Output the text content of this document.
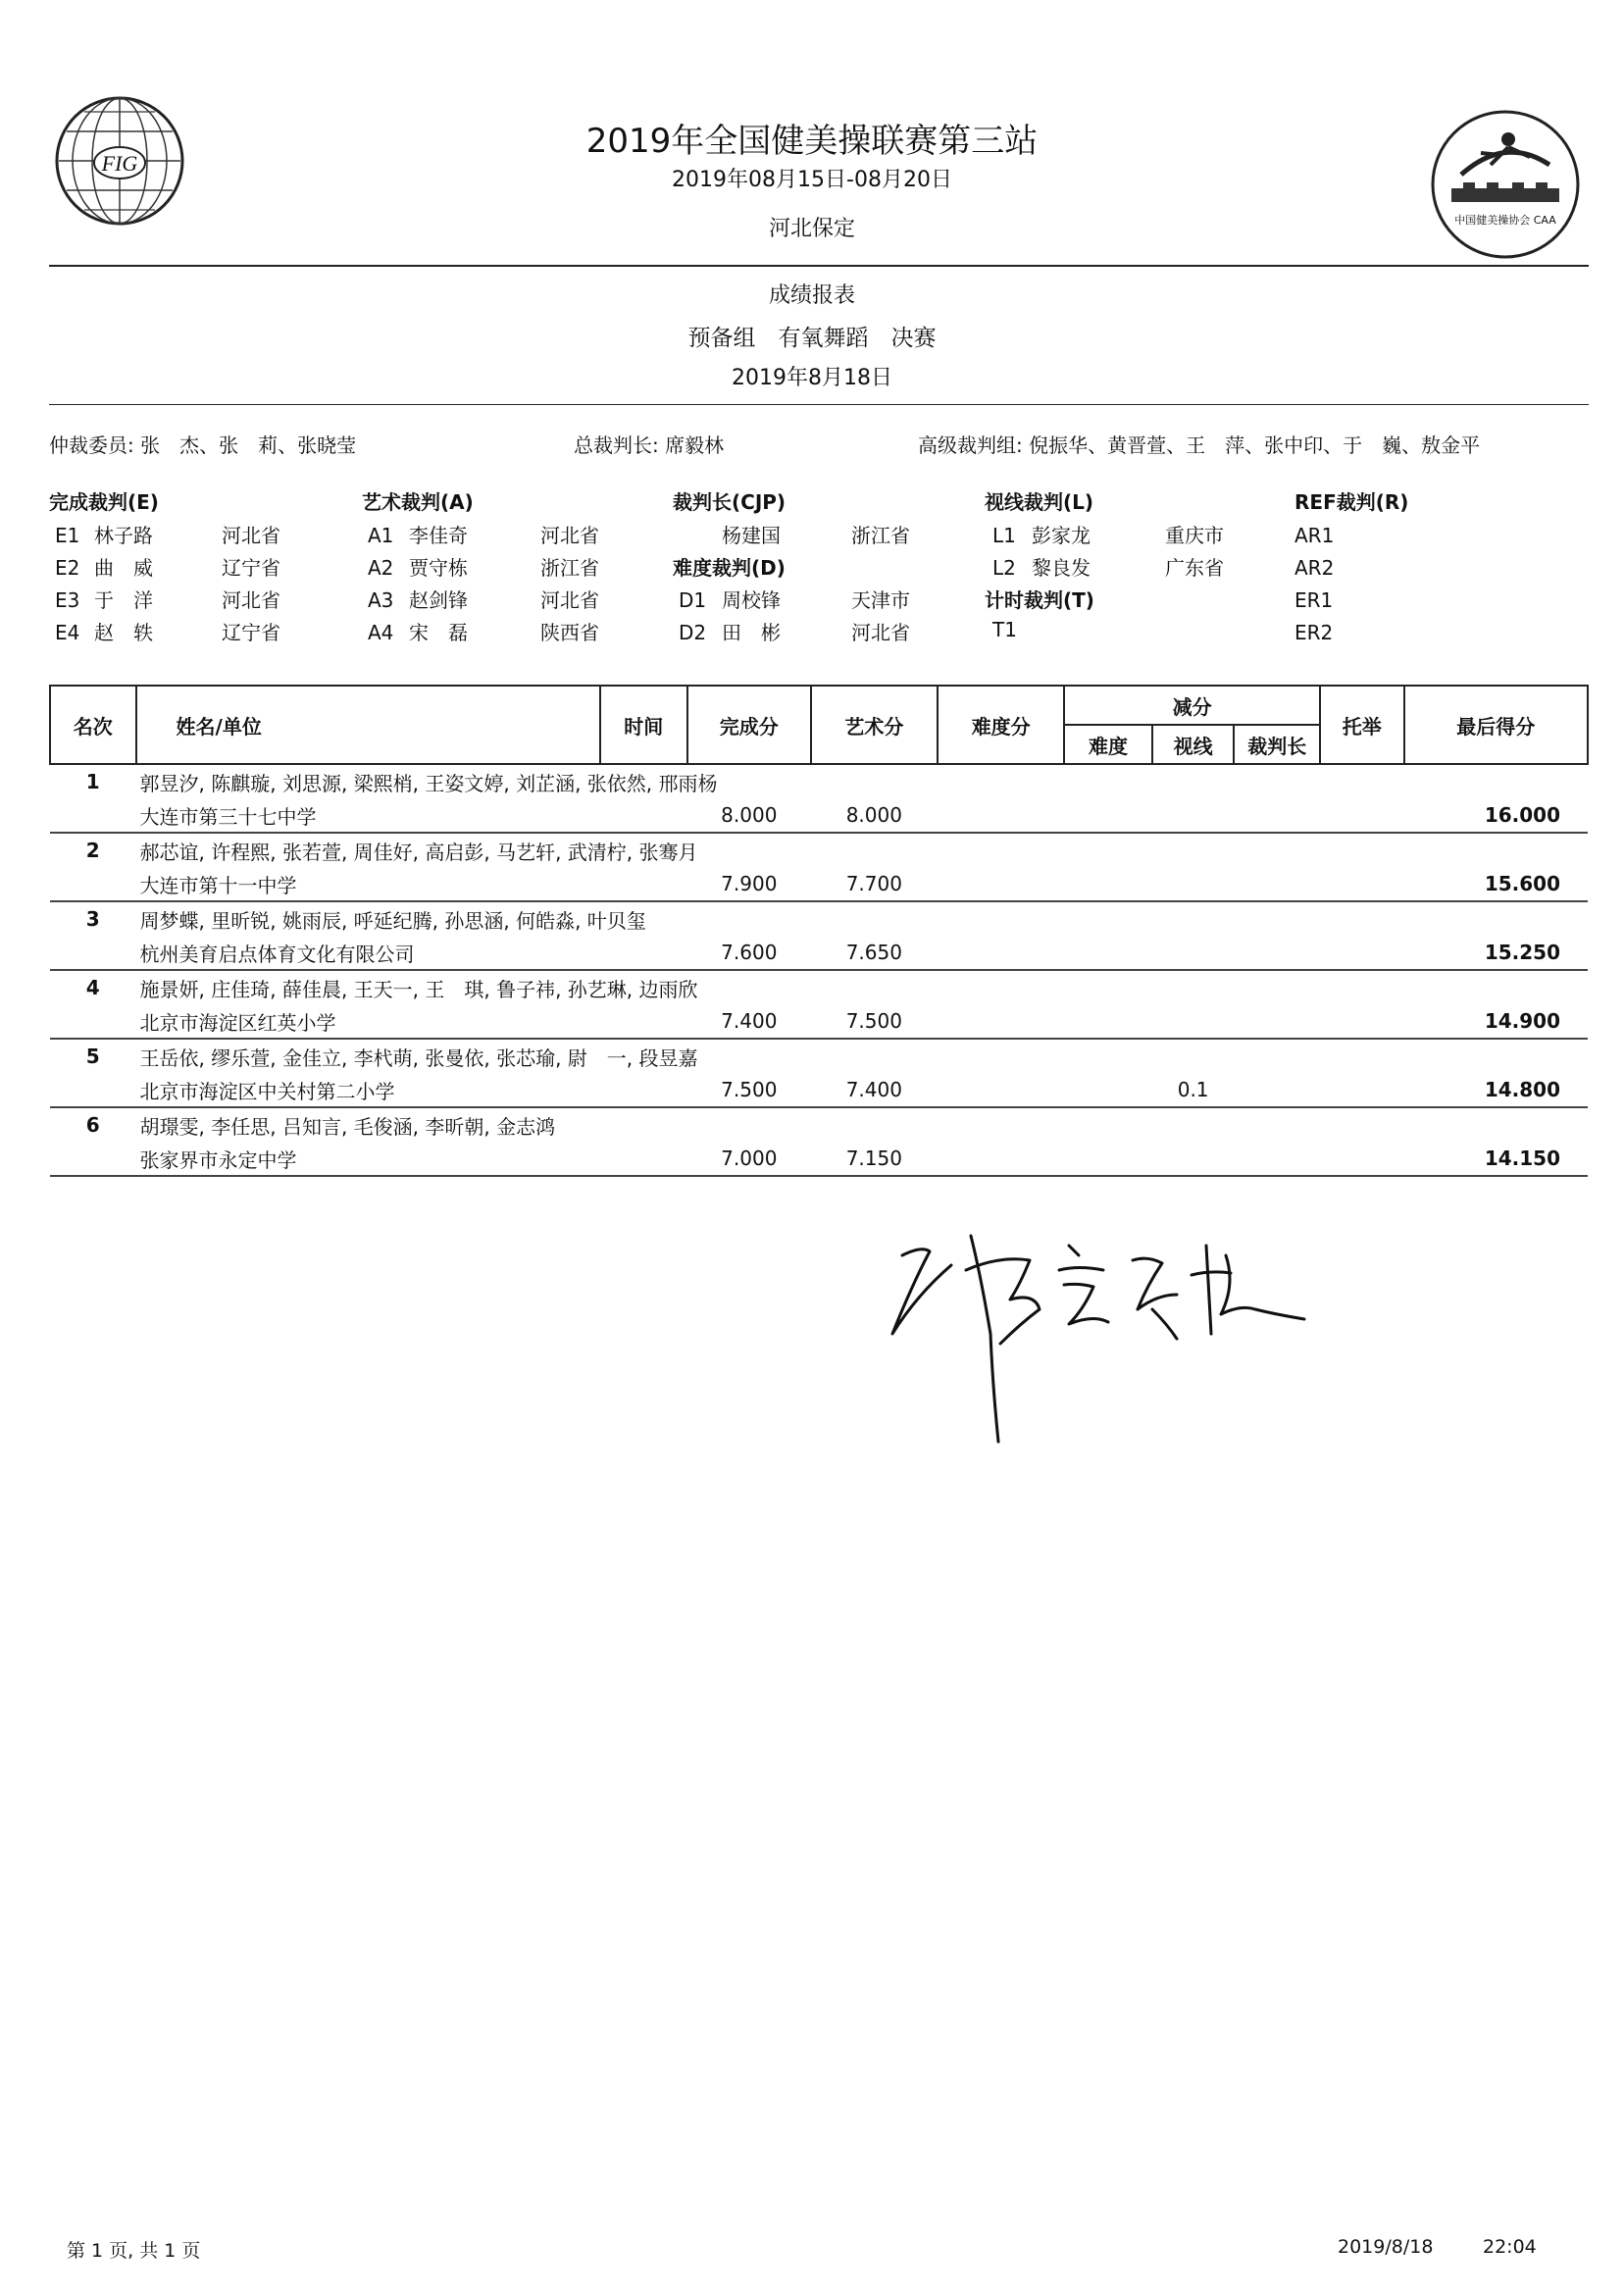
FIG
中国健美操协会 CAA
2019年全国健美操联赛第三站
2019年08月15日-08月20日
河北保定
成绩报表
预备组　有氧舞蹈　决赛
2019年8月18日
仲裁委员: 张　杰、张　莉、张晓莹	总裁判长: 席毅林	高级裁判组: 倪振华、黄晋萱、王　萍、张中印、于　巍、敖金平
完成裁判(E)
E1 林子路	河北省
E2 曲　威	辽宁省
E3 于　洋	河北省
E4 赵　轶	辽宁省
艺术裁判(A)
A1 李佳奇	河北省
A2 贾守栋	浙江省
A3 赵剑锋	河北省
A4 宋　磊	陕西省
裁判长(CJP)
杨建国	浙江省
难度裁判(D)
D1 周校锋	天津市
D2 田　彬	河北省
视线裁判(L)
L1 彭家龙	重庆市
L2 黎良发	广东省
计时裁判(T)
T1
REF裁判(R)
AR1
AR2
ER1
ER2
名次	姓名/单位	时间	完成分	艺术分	难度分	减分			托举	最后得分
						难度	视线	裁判长		
1	郭昱汐, 陈麒璇, 刘思源, 梁熙梢, 王姿文婷, 刘芷涵, 张依然, 邢雨杨									
	大连市第三十七中学		8.000	8.000						16.000
2	郝芯谊, 许程熙, 张若萱, 周佳好, 高启彭, 马艺轩, 武清柠, 张骞月									
	大连市第十一中学		7.900	7.700						15.600
3	周梦蝶, 里昕锐, 姚雨辰, 呼延纪腾, 孙思涵, 何皓淼, 叶贝玺									
	杭州美育启点体育文化有限公司		7.600	7.650						15.250
4	施景妍, 庄佳琦, 薛佳晨, 王天一, 王　琪, 鲁子祎, 孙艺琳, 边雨欣									
	北京市海淀区红英小学		7.400	7.500						14.900
5	王岳依, 缪乐萱, 金佳立, 李杙萌, 张曼依, 张芯瑜, 尉　一, 段昱嘉									
	北京市海淀区中关村第二小学		7.500	7.400			0.1			14.800
6	胡璟雯, 李任思, 吕知言, 毛俊涵, 李昕朝, 金志鸿									
	张家界市永定中学		7.000	7.150						14.150
第 1 页, 共 1 页	2019/8/18	22:04
